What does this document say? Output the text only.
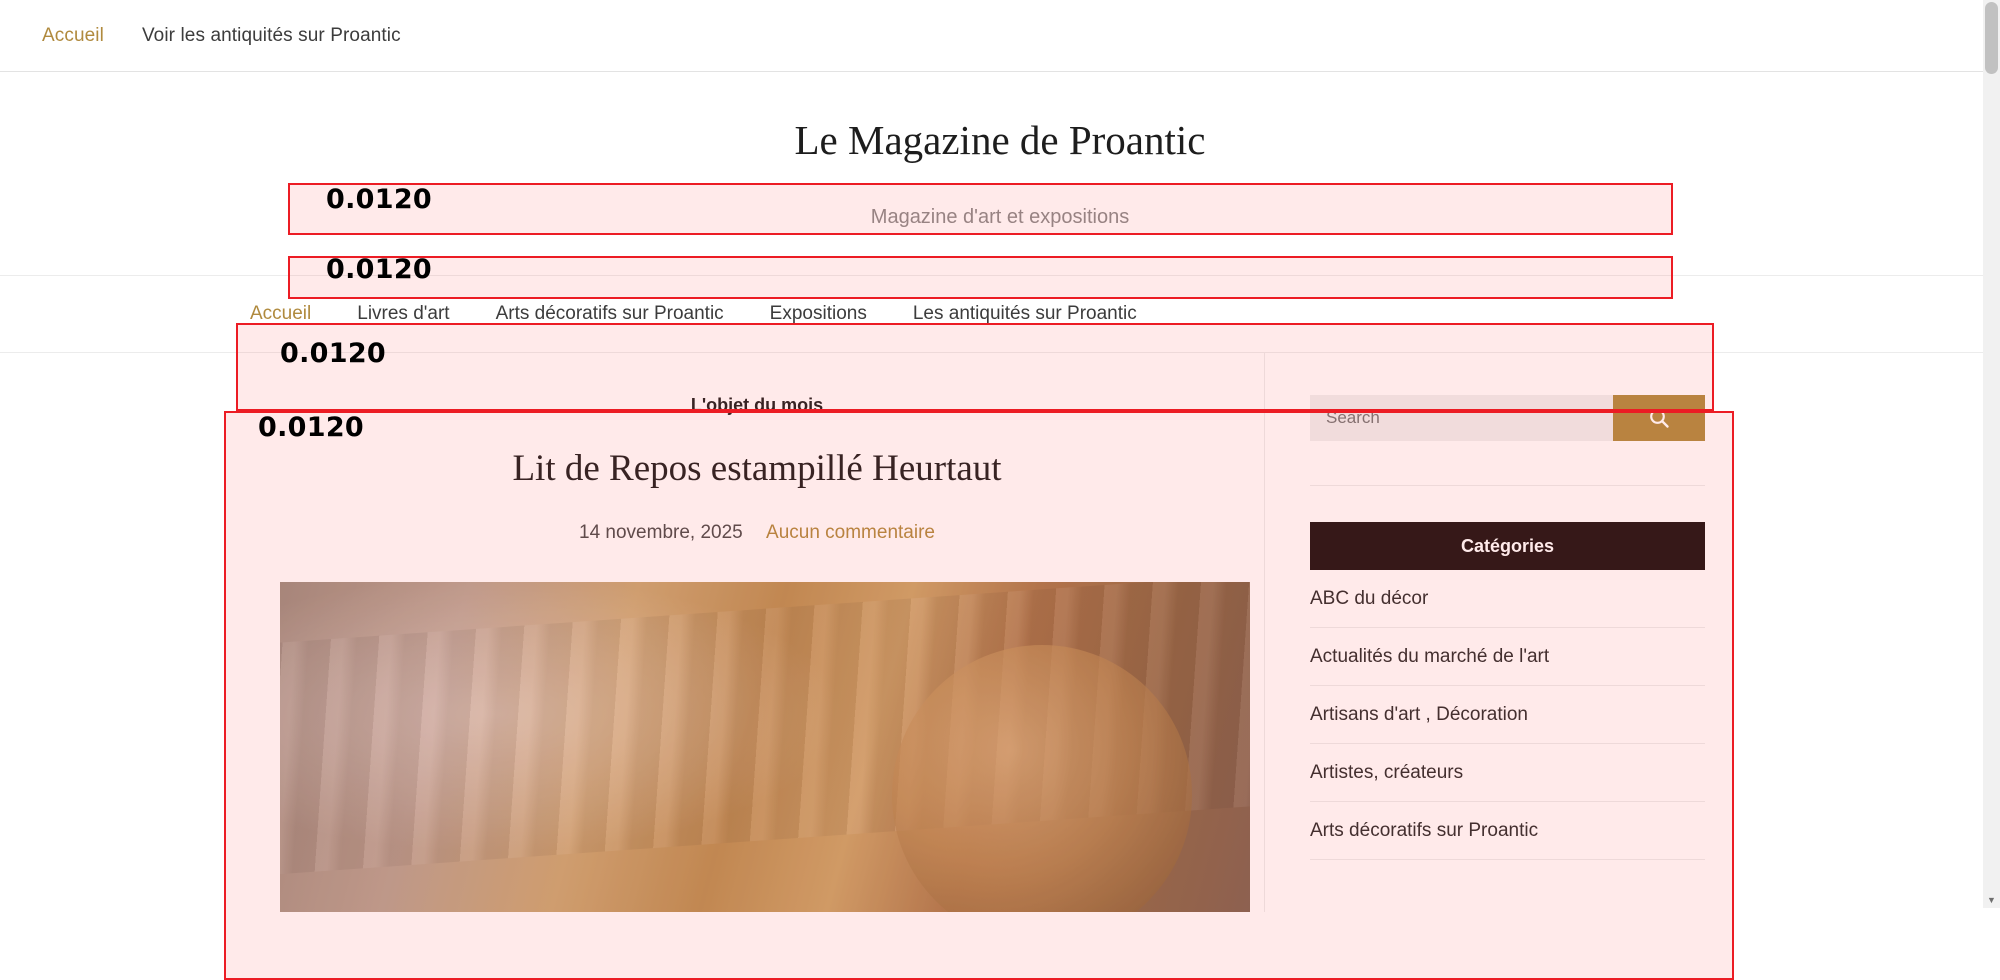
Accueil Voir les antiquités sur Proantic
0.0120
0.0120
0.0120
0.0120
Le Magazine de Proantic
Magazine d'art et expositions
Accueil Livres d'art Arts décoratifs sur Proantic Expositions Les antiquités sur Proantic
L'objet du mois
Lit de Repos estampillé Heurtaut
14 novembre, 2025 Aucun commentaire
Search
Catégories
ABC du décor
Actualités du marché de l'art
Artisans d'art , Décoration
Artistes, créateurs
Arts décoratifs sur Proantic
▼
